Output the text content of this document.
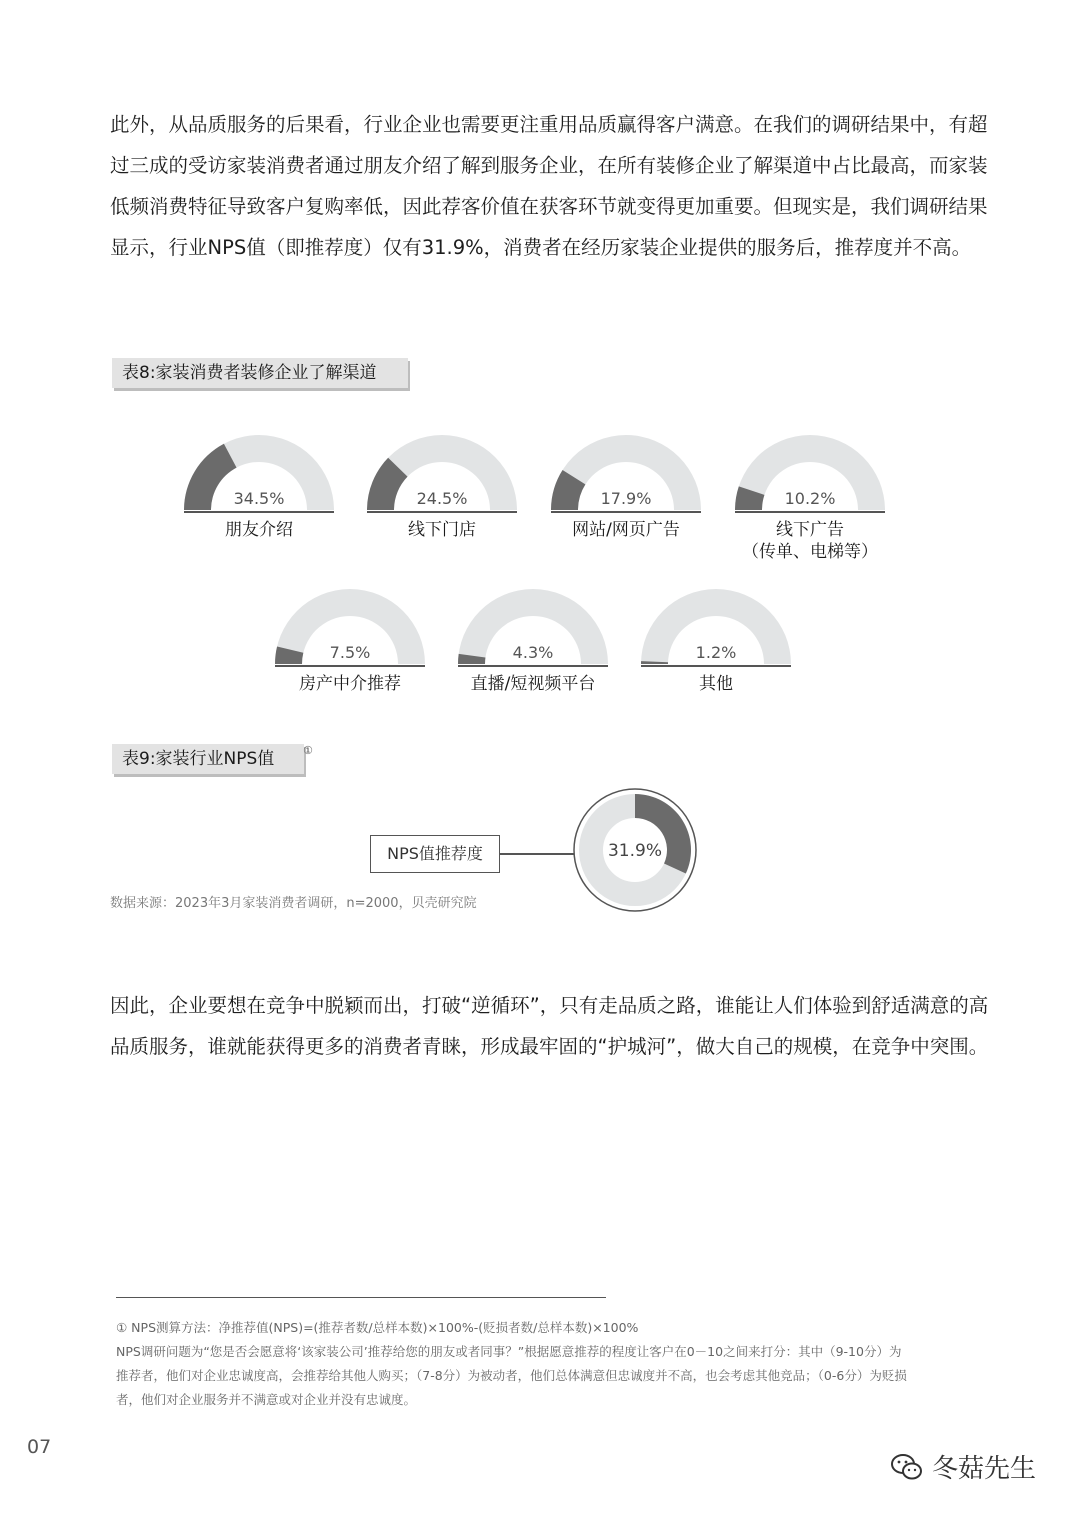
此外，从品质服务的后果看，行业企业也需要更注重用品质赢得客户满意。在我们的调研结果中，有超过三成的受访家装消费者通过朋友介绍了解到服务企业，在所有装修企业了解渠道中占比最高，而家装低频消费特征导致客户复购率低，因此荐客价值在获客环节就变得更加重要。但现实是，我们调研结果显示，行业NPS值（即推荐度）仅有31.9%，消费者在经历家装企业提供的服务后，推荐度并不高。

表8:家装消费者装修企业了解渠道
34.5%
朋友介绍
24.5%
线下门店
17.9%
网站/网页广告
10.2%
线下广告
（传单、电梯等）
7.5%
房产中介推荐
4.3%
直播/短视频平台
1.2%
其他
表9:家装行业NPS值	①
NPS值推荐度	31.9%
数据来源：2023年3月家装消费者调研，n=2000，贝壳研究院

因此，企业要想在竞争中脱颖而出，打破“逆循环”，只有走品质之路，谁能让人们体验到舒适满意的高品质服务，谁就能获得更多的消费者青睐，形成最牢固的“护城河”，做大自己的规模，在竞争中突围。

① NPS测算方法：净推荐值(NPS)=(推荐者数/总样本数)×100%-(贬损者数/总样本数)×100%
NPS调研问题为“您是否会愿意将‘该家装公司’推荐给您的朋友或者同事？”根据愿意推荐的程度让客户在0－10之间来打分：其中（9-10分）为
推荐者，他们对企业忠诚度高，会推荐给其他人购买；（7-8分）为被动者，他们总体满意但忠诚度并不高，也会考虑其他竞品；（0-6分）为贬损
者，他们对企业服务并不满意或对企业并没有忠诚度。
07
冬菇先生
